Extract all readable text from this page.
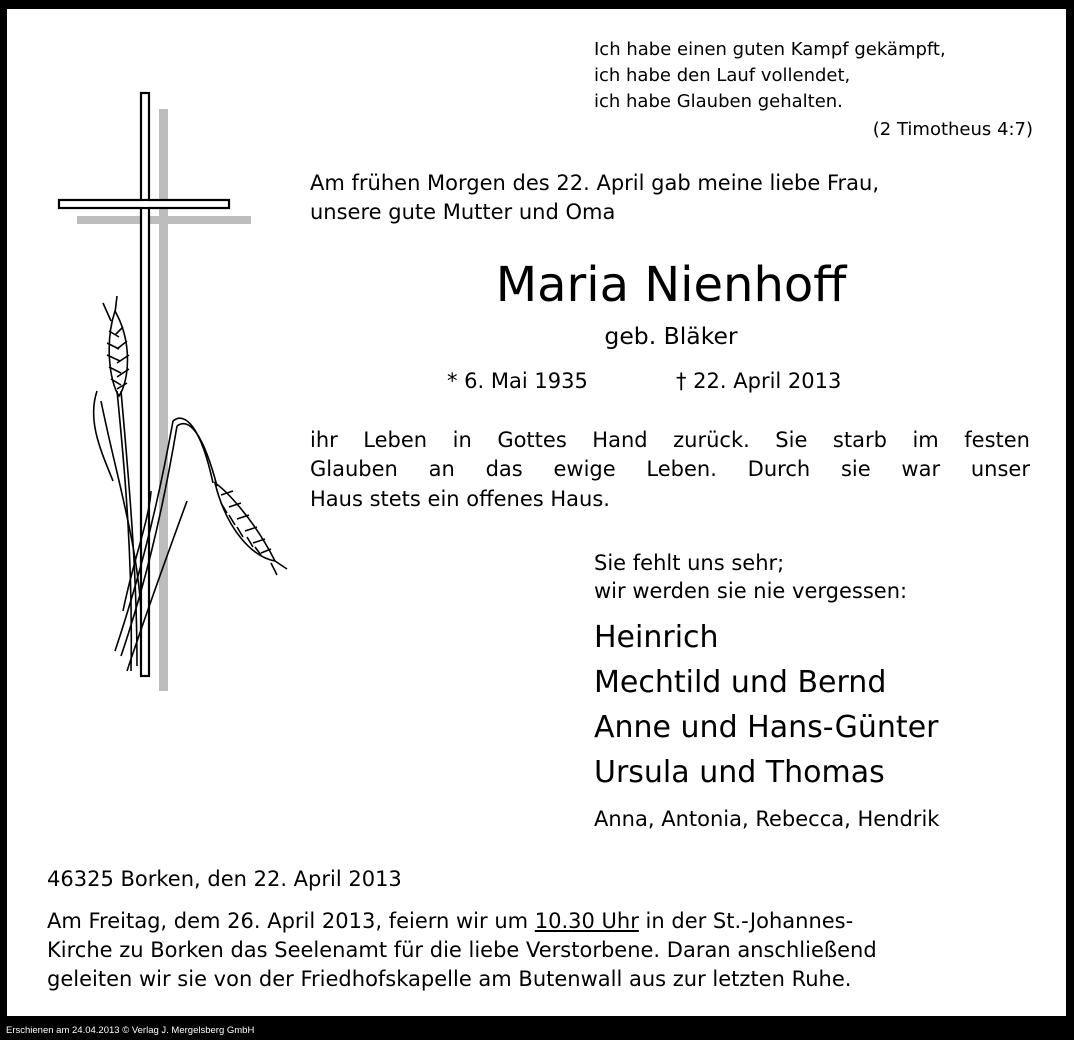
Ich habe einen guten Kampf gekämpft,
ich habe den Lauf vollendet,
ich habe Glauben gehalten.
(2 Timotheus 4:7)
Am frühen Morgen des 22. April gab meine liebe Frau,
unsere gute Mutter und Oma
Maria Nienhoff
geb. Bläker
* 6. Mai 1935	† 22. April 2013
ihr Leben in Gottes Hand zurück. Sie starb im festen
Glauben an das ewige Leben. Durch sie war unser
Haus stets ein offenes Haus.
Sie fehlt uns sehr;
wir werden sie nie vergessen:
Heinrich
Mechtild und Bernd
Anne und Hans-Günter
Ursula und Thomas
Anna, Antonia, Rebecca, Hendrik
46325 Borken, den 22. April 2013
Am Freitag, dem 26. April 2013, feiern wir um 10.30 Uhr in der St.-Johannes-
Kirche zu Borken das Seelenamt für die liebe Verstorbene. Daran anschließend
geleiten wir sie von der Friedhofskapelle am Butenwall aus zur letzten Ruhe.
Erschienen am 24.04.2013 © Verlag J. Mergelsberg GmbH
